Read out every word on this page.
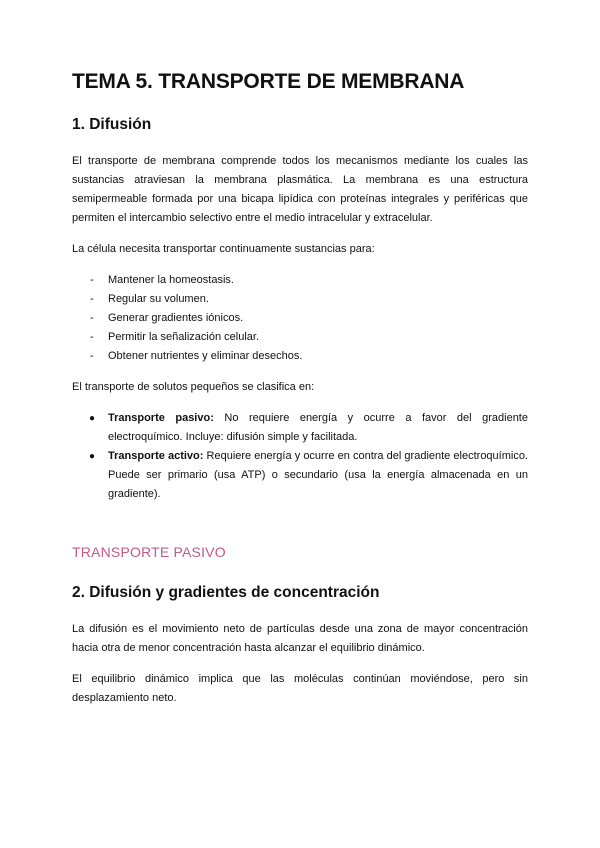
TEMA 5. TRANSPORTE DE MEMBRANA
1. Difusión

El transporte de membrana comprende todos los mecanismos mediante los cuales las sustancias atraviesan la membrana plasmática. La membrana es una estructura semipermeable formada por una bicapa lipídica con proteínas integrales y periféricas que permiten el intercambio selectivo entre el medio intracelular y extracelular.

La célula necesita transportar continuamente sustancias para:

- Mantener la homeostasis.
- Regular su volumen.
- Generar gradientes iónicos.
- Permitir la señalización celular.
- Obtener nutrientes y eliminar desechos.

El transporte de solutos pequeños se clasifica en:

● Transporte pasivo: No requiere energía y ocurre a favor del gradiente electroquímico. Incluye: difusión simple y facilitada.
● Transporte activo: Requiere energía y ocurre en contra del gradiente electroquímico. Puede ser primario (usa ATP) o secundario (usa la energía almacenada en un gradiente).
TRANSPORTE PASIVO
2. Difusión y gradientes de concentración

La difusión es el movimiento neto de partículas desde una zona de mayor concentración hacia otra de menor concentración hasta alcanzar el equilibrio dinámico.

El equilibrio dinámico implica que las moléculas continúan moviéndose, pero sin desplazamiento neto.
